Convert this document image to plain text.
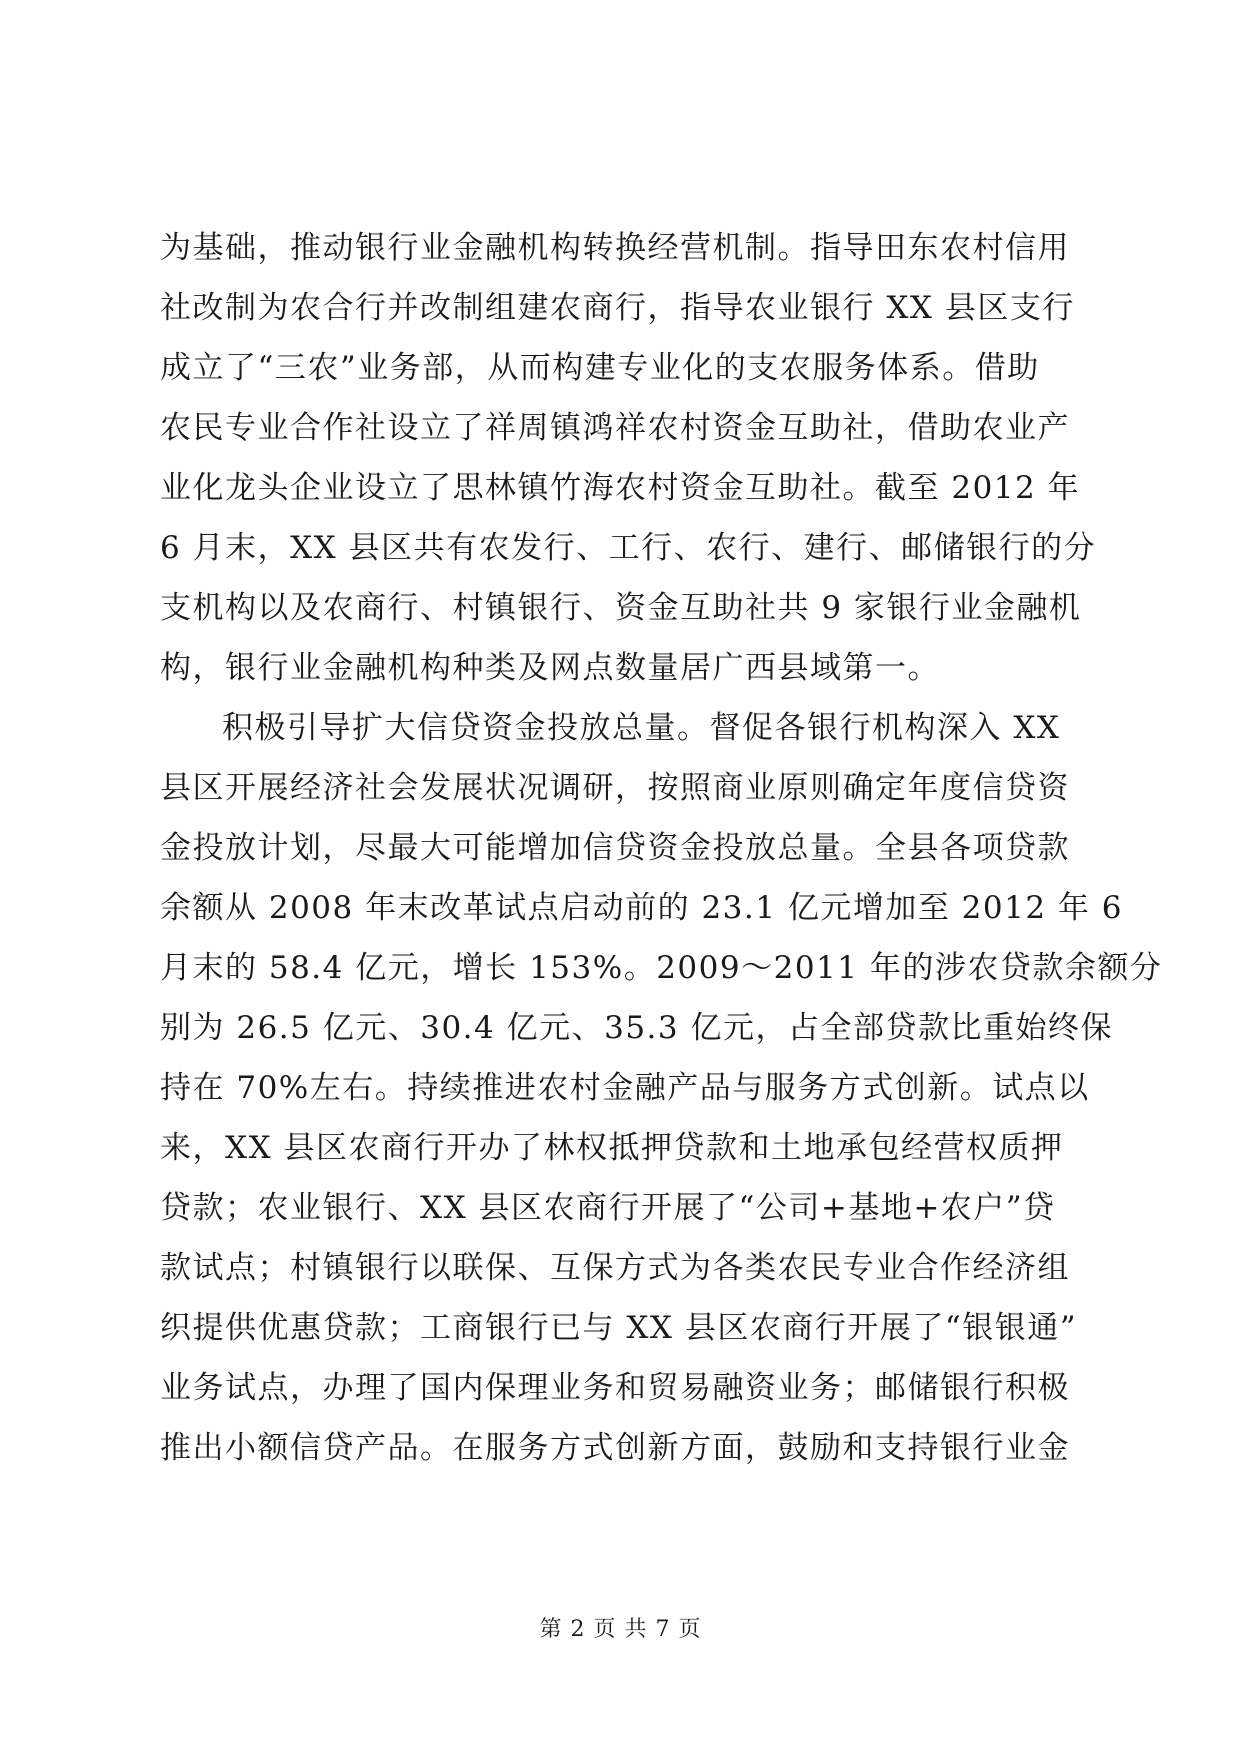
为基础，推动银行业金融机构转换经营机制。指导田东农村信用
社改制为农合行并改制组建农商行，指导农业银行 XX 县区支行
成立了“三农”业务部，从而构建专业化的支农服务体系。借助
农民专业合作社设立了祥周镇鸿祥农村资金互助社，借助农业产
业化龙头企业设立了思林镇竹海农村资金互助社。截至 2012 年
6 月末，XX 县区共有农发行、工行、农行、建行、邮储银行的分
支机构以及农商行、村镇银行、资金互助社共 9 家银行业金融机
构，银行业金融机构种类及网点数量居广西县域第一。
积极引导扩大信贷资金投放总量。督促各银行机构深入 XX
县区开展经济社会发展状况调研，按照商业原则确定年度信贷资
金投放计划，尽最大可能增加信贷资金投放总量。全县各项贷款
余额从 2008 年末改革试点启动前的 23.1 亿元增加至 2012 年 6
月末的 58.4 亿元，增长 153%。2009～2011 年的涉农贷款余额分
别为 26.5 亿元、30.4 亿元、35.3 亿元，占全部贷款比重始终保
持在 70%左右。持续推进农村金融产品与服务方式创新。试点以
来，XX 县区农商行开办了林权抵押贷款和土地承包经营权质押
贷款；农业银行、XX 县区农商行开展了“公司+基地+农户”贷
款试点；村镇银行以联保、互保方式为各类农民专业合作经济组
织提供优惠贷款；工商银行已与 XX 县区农商行开展了“银银通”
业务试点，办理了国内保理业务和贸易融资业务；邮储银行积极
推出小额信贷产品。在服务方式创新方面，鼓励和支持银行业金
第 2 页 共 7 页
